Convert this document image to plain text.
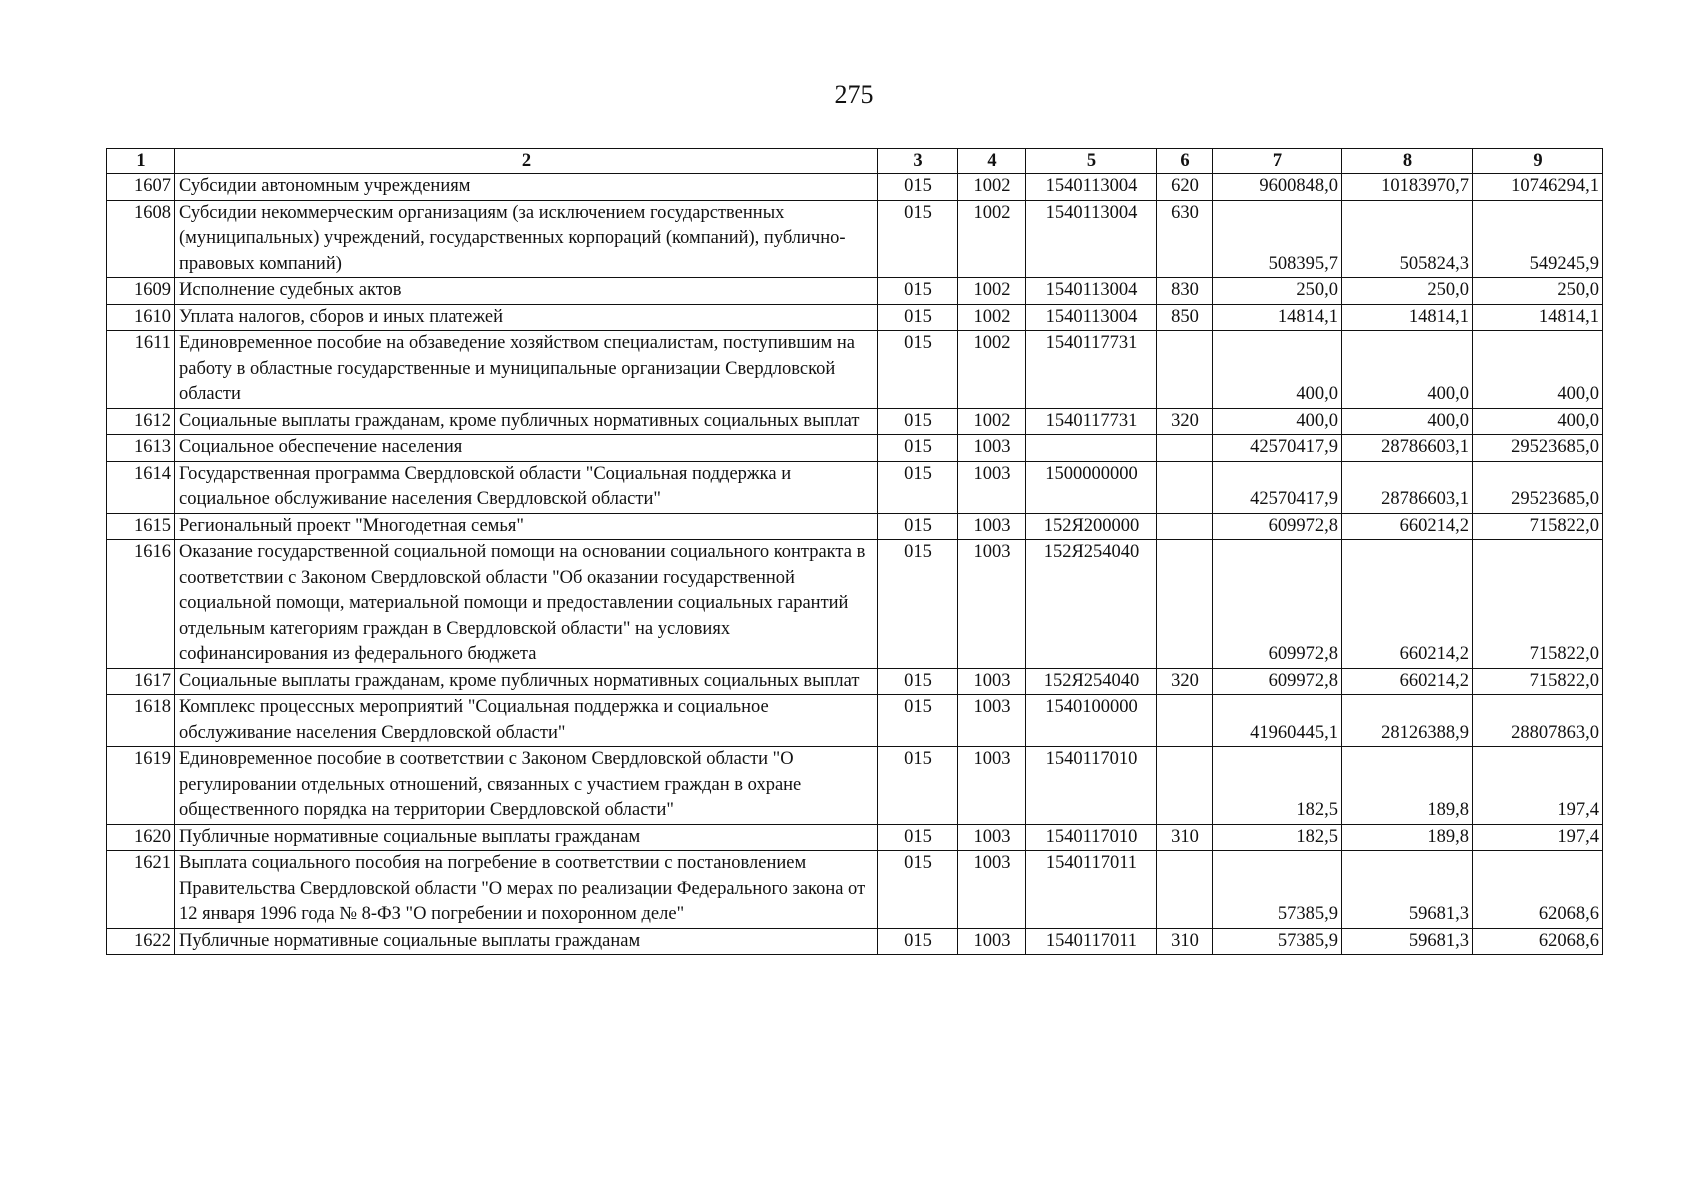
275
1	2	3	4	5	6	7	8	9
1607	Субсидии автономным учреждениям	015	1002	1540113004	620	9600848,0	10183970,7	10746294,1
1608	Субсидии некоммерческим организациям (за исключением государственных (муниципальных) учреждений, государственных корпораций (компаний), публично-правовых компаний)	015	1002	1540113004	630	508395,7	505824,3	549245,9
1609	Исполнение судебных актов	015	1002	1540113004	830	250,0	250,0	250,0
1610	Уплата налогов, сборов и иных платежей	015	1002	1540113004	850	14814,1	14814,1	14814,1
1611	Единовременное пособие на обзаведение хозяйством специалистам, поступившим на работу в областные государственные и муниципальные организации Свердловской области	015	1002	1540117731		400,0	400,0	400,0
1612	Социальные выплаты гражданам, кроме публичных нормативных социальных выплат	015	1002	1540117731	320	400,0	400,0	400,0
1613	Социальное обеспечение населения	015	1003			42570417,9	28786603,1	29523685,0
1614	Государственная программа Свердловской области "Социальная поддержка и социальное обслуживание населения Свердловской области"	015	1003	1500000000		42570417,9	28786603,1	29523685,0
1615	Региональный проект "Многодетная семья"	015	1003	152Я200000		609972,8	660214,2	715822,0
1616	Оказание государственной социальной помощи на основании социального контракта в соответствии с Законом Свердловской области "Об оказании государственной социальной помощи, материальной помощи и предоставлении социальных гарантий отдельным категориям граждан в Свердловской области" на условиях софинансирования из федерального бюджета	015	1003	152Я254040		609972,8	660214,2	715822,0
1617	Социальные выплаты гражданам, кроме публичных нормативных социальных выплат	015	1003	152Я254040	320	609972,8	660214,2	715822,0
1618	Комплекс процессных мероприятий "Социальная поддержка и социальное обслуживание населения Свердловской области"	015	1003	1540100000		41960445,1	28126388,9	28807863,0
1619	Единовременное пособие в соответствии с Законом Свердловской области "О регулировании отдельных отношений, связанных с участием граждан в охране общественного порядка на территории Свердловской области"	015	1003	1540117010		182,5	189,8	197,4
1620	Публичные нормативные социальные выплаты гражданам	015	1003	1540117010	310	182,5	189,8	197,4
1621	Выплата социального пособия на погребение в соответствии с постановлением Правительства Свердловской области "О мерах по реализации Федерального закона от 12 января 1996 года № 8-ФЗ "О погребении и похоронном деле"	015	1003	1540117011		57385,9	59681,3	62068,6
1622	Публичные нормативные социальные выплаты гражданам	015	1003	1540117011	310	57385,9	59681,3	62068,6
